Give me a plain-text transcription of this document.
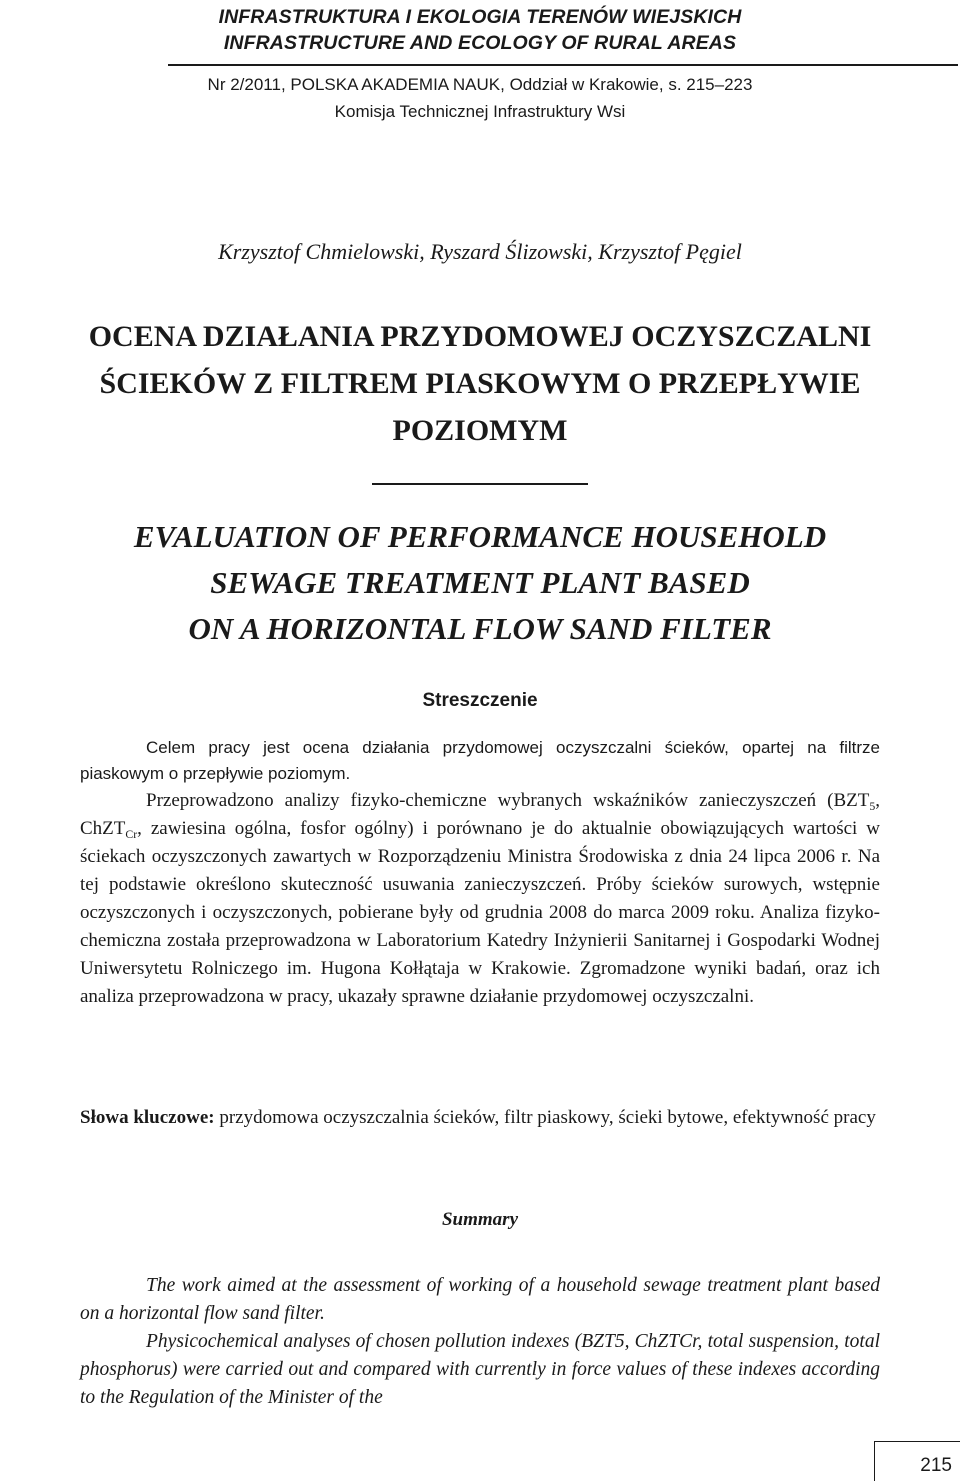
INFRASTRUKTURA I EKOLOGIA TERENÓW WIEJSKICH

INFRASTRUCTURE AND ECOLOGY OF RURAL AREAS

Nr 2/2011, POLSKA AKADEMIA NAUK, Oddział w Krakowie, s. 215–223
Komisja Technicznej Infrastruktury Wsi
Krzysztof Chmielowski, Ryszard Ślizowski, Krzysztof Pęgiel
OCENA DZIAŁANIA PRZYDOMOWEJ OCZYSZCZALNI
ŚCIEKÓW Z FILTREM PIASKOWYM O PRZEPŁYWIE
POZIOMYM
EVALUATION OF PERFORMANCE HOUSEHOLD
SEWAGE TREATMENT PLANT BASED
ON A HORIZONTAL FLOW SAND FILTER
Streszczenie

Celem pracy jest ocena działania przydomowej oczyszczalni ścieków, opartej na filtrze piaskowym o przepływie poziomym.

Przeprowadzono analizy fizyko-chemiczne wybranych wskaźników zanieczyszczeń ($BZT_5$, ChZT$_{Cr}$, zawiesina ogólna, fosfor ogólny) i porównano je do aktualnie obowiązujących wartości w ściekach oczyszczonych zawartych w Rozporządzeniu Ministra Środowiska z dnia 24 lipca 2006 r. Na tej podstawie określono skuteczność usuwania zanieczyszczeń. Próby ścieków surowych, wstępnie oczyszczonych i oczyszczonych, pobierane były od grudnia 2008 do marca 2009 roku. Analiza fizyko-chemiczna została przeprowadzona w Laboratorium Katedry Inżynierii Sanitarnej i Gospodarki Wodnej Uniwersytetu Rolniczego im. Hugona Kołłątaja w Krakowie. Zgromadzone wyniki badań, oraz ich analiza przeprowadzona w pracy, ukazały sprawne działanie przydomowej oczyszczalni.

Słowa kluczowe: przydomowa oczyszczalnia ścieków, filtr piaskowy, ścieki bytowe, efektywność pracy

Summary

The work aimed at the assessment of working of a household sewage treatment plant based on a horizontal flow sand filter.

Physicochemical analyses of chosen pollution indexes (BZT5, ChZTCr, total suspension, total phosphorus) were carried out and compared with currently in force values of these indexes according to the Regulation of the Minister of the

215
